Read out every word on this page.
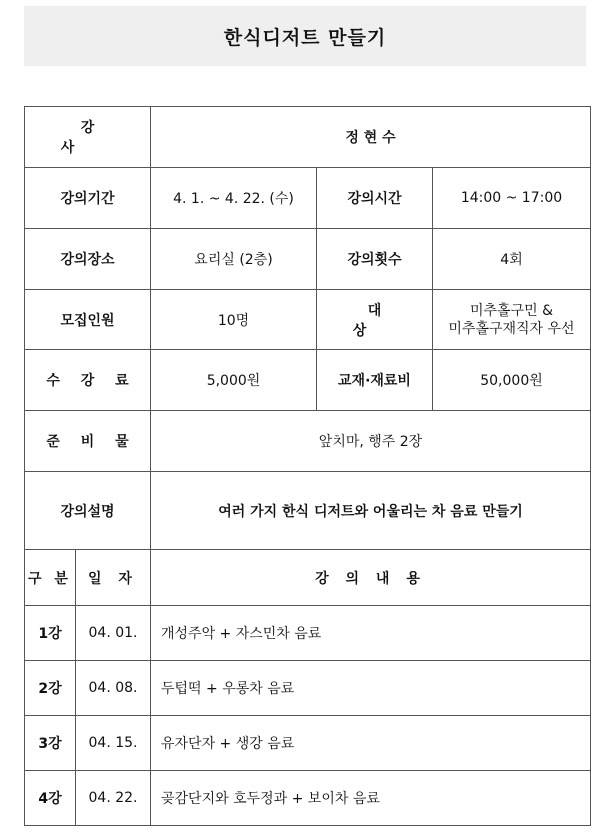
한식디저트 만들기
강 사		정 현 수		
강의기간		4. 1. ~ 4. 22. (수)	강의시간	14:00 ~ 17:00
강의장소		요리실 (2층)	강의횟수	4회
모집인원		10명	대 상	미추홀구민 &
미추홀구재직자 우선

수 강 료		5,000원	교재·재료비	50,000원
준 비 물		앞치마, 행주 2장		
강의설명		여러 가지 한식 디저트와 어울리는 차 음료 만들기		
구 분	일 자	강 의 내 용		
1강	04. 01.	개성주악 + 자스민차 음료		
2강	04. 08.	두텁떡 + 우롱차 음료		
3강	04. 15.	유자단자 + 생강 음료		
4강	04. 22.	곶감단지와 호두정과 + 보이차 음료		
